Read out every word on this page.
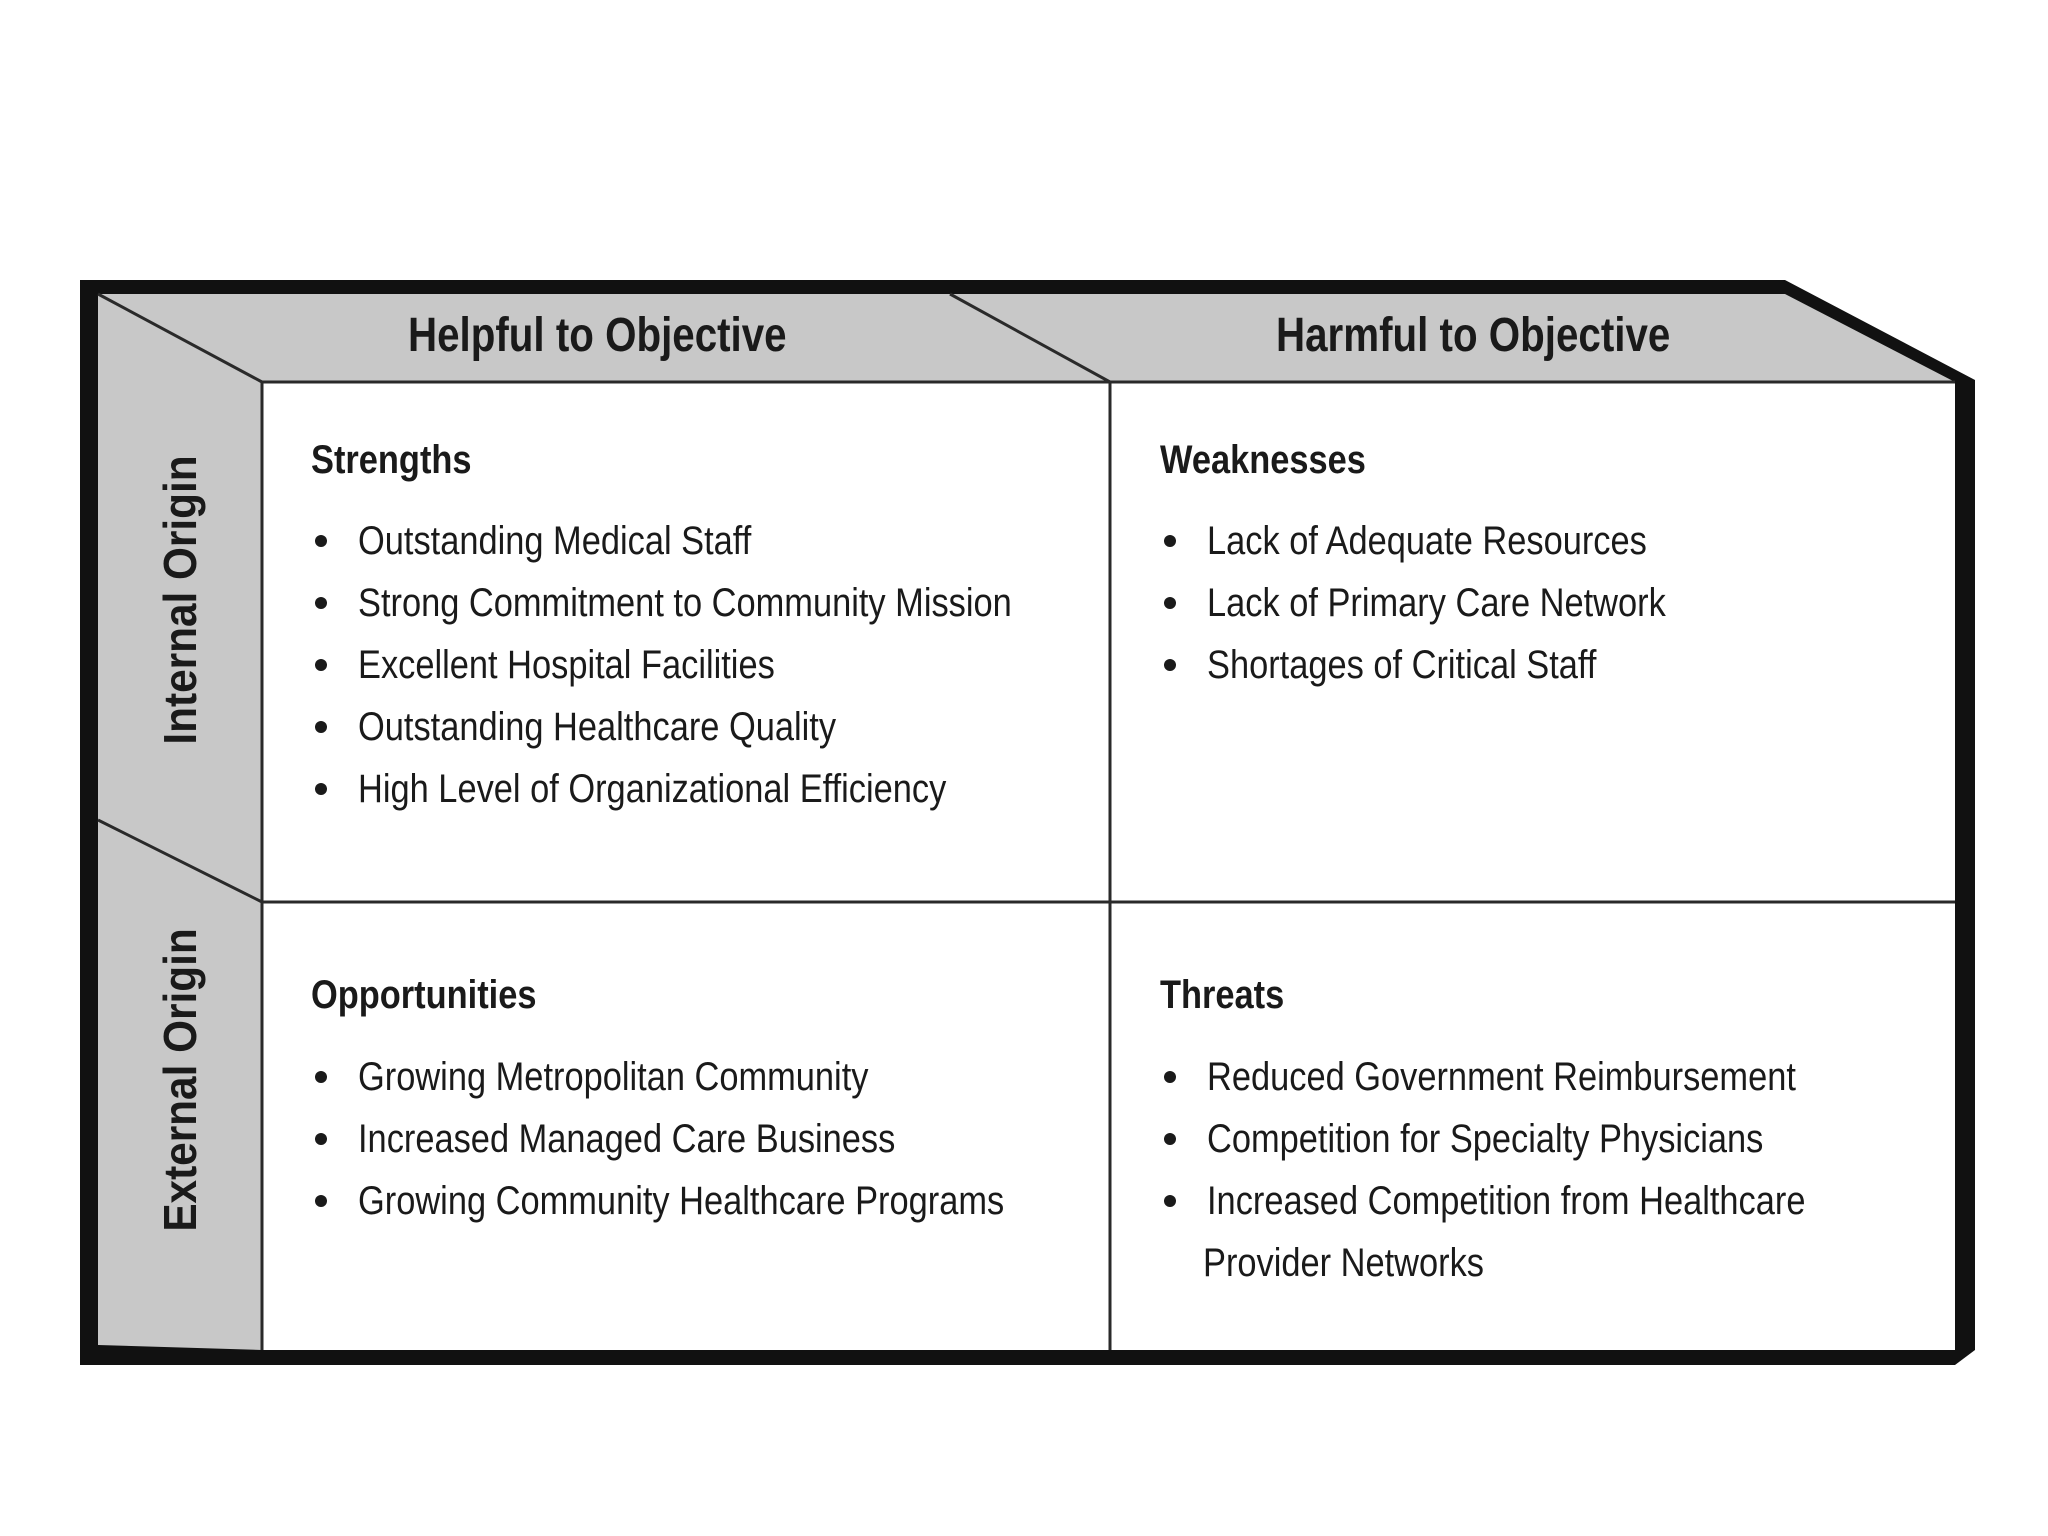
Helpful to Objective	Harmful to Objective
Internal Origin
External Origin
Strengths
Outstanding Medical Staff
Strong Commitment to Community Mission
Excellent Hospital Facilities
Outstanding Healthcare Quality
High Level of Organizational Efficiency
Weaknesses
Lack of Adequate Resources
Lack of Primary Care Network
Shortages of Critical Staff
Opportunities
Growing Metropolitan Community
Increased Managed Care Business
Growing Community Healthcare Programs
Threats
Reduced Government Reimbursement
Competition for Specialty Physicians
Increased Competition from Healthcare
Provider Networks
